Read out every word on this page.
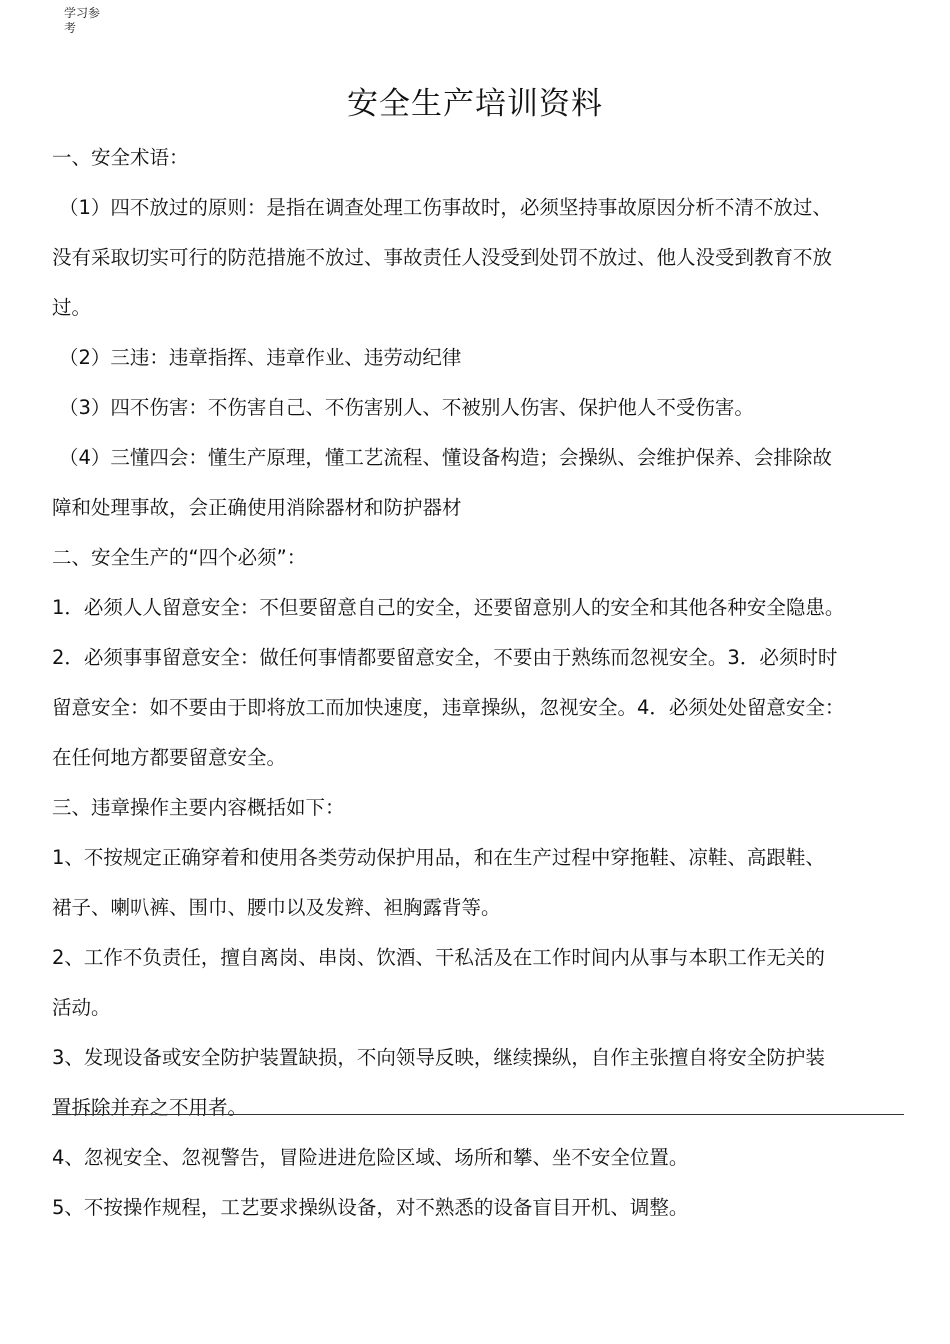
学习参
考
安全生产培训资料

一、安全术语：

（1）四不放过的原则：是指在调查处理工伤事故时，必须坚持事故原因分析不清不放过、

没有采取切实可行的防范措施不放过、事故责任人没受到处罚不放过、他人没受到教育不放

过。

（2）三违：违章指挥、违章作业、违劳动纪律

（3）四不伤害：不伤害自己、不伤害别人、不被别人伤害、保护他人不受伤害。

（4）三懂四会：懂生产原理，懂工艺流程、懂设备构造；会操纵、会维护保养、会排除故

障和处理事故，会正确使用消除器材和防护器材

二、安全生产的“四个必须”：

1．必须人人留意安全：不但要留意自己的安全，还要留意别人的安全和其他各种安全隐患。

2．必须事事留意安全：做任何事情都要留意安全，不要由于熟练而忽视安全。3．必须时时

留意安全：如不要由于即将放工而加快速度，违章操纵，忽视安全。4．必须处处留意安全：

在任何地方都要留意安全。

三、违章操作主要内容概括如下：

1、不按规定正确穿着和使用各类劳动保护用品，和在生产过程中穿拖鞋、凉鞋、高跟鞋、

裙子、喇叭裤、围巾、腰巾以及发辫、袒胸露背等。

2、工作不负责任，擅自离岗、串岗、饮酒、干私活及在工作时间内从事与本职工作无关的

活动。

3、发现设备或安全防护装置缺损，不向领导反映，继续操纵，自作主张擅自将安全防护装

置拆除并弃之不用者。

4、忽视安全、忽视警告，冒险进进危险区域、场所和攀、坐不安全位置。

5、不按操作规程，工艺要求操纵设备，对不熟悉的设备盲目开机、调整。
